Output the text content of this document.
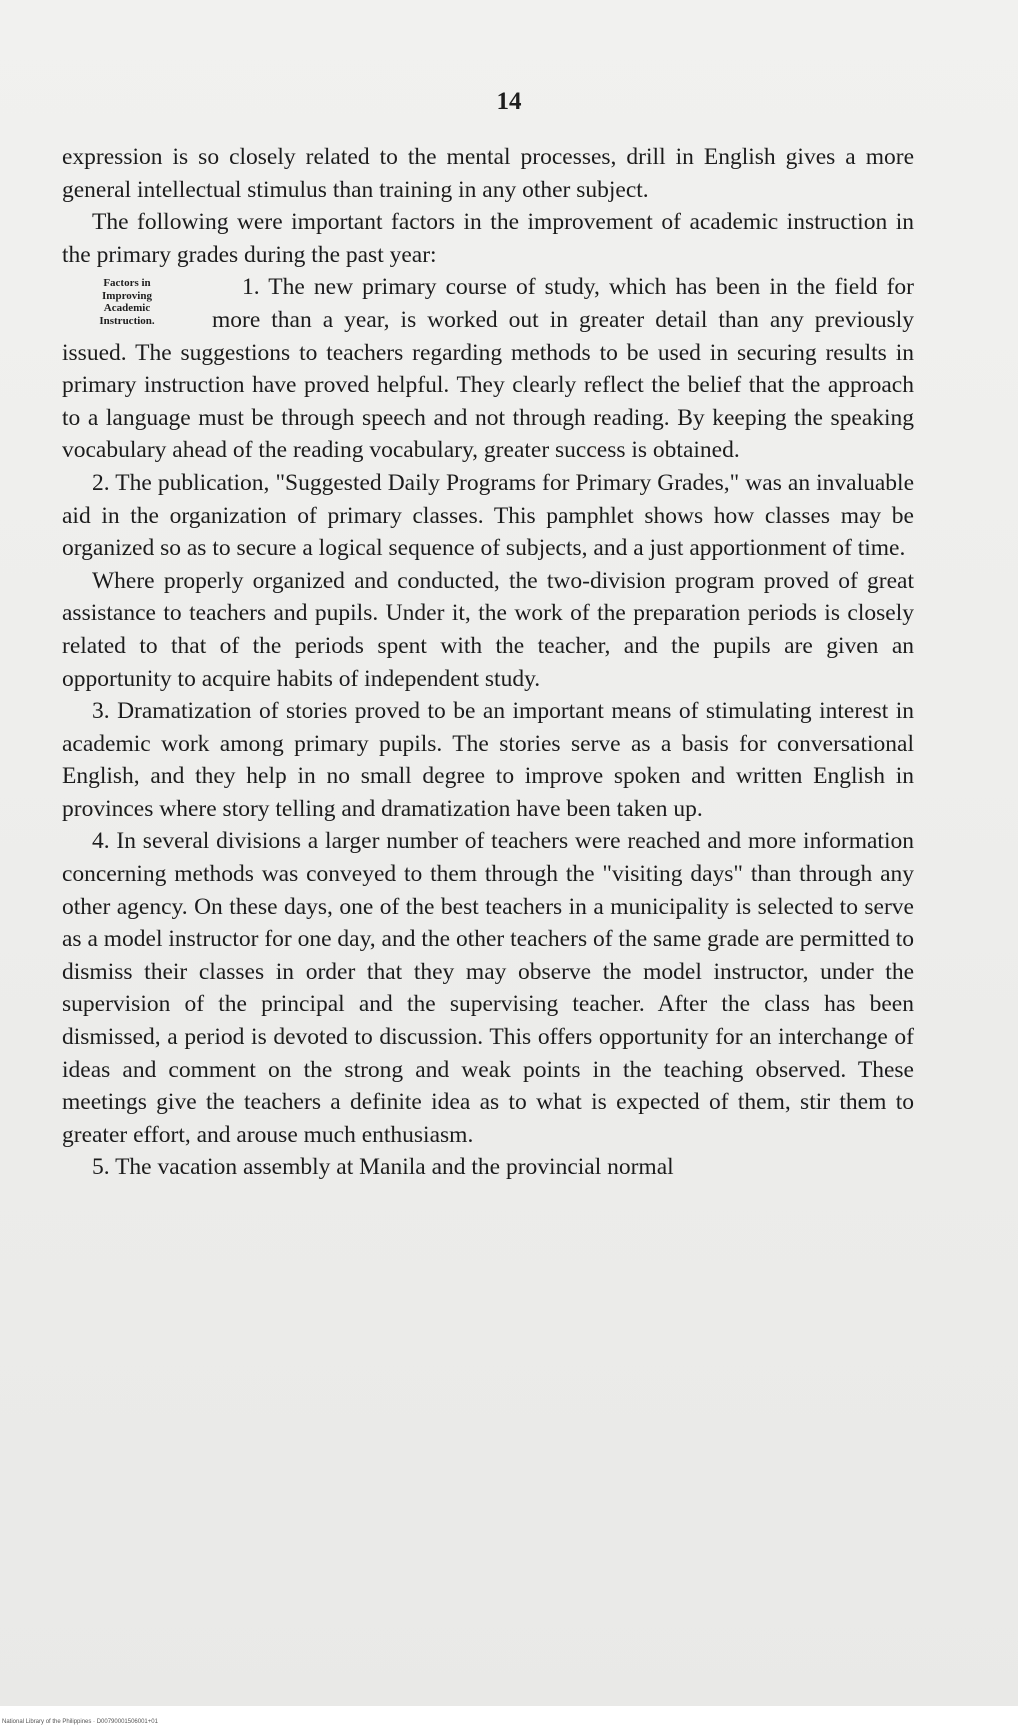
14

expression is so closely related to the mental processes, drill in English gives a more general intellectual stimulus than training in any other subject.

The following were important factors in the improvement of academic instruction in the primary grades during the past year:

Factors in
Improving
Academic
Instruction.

1. The new primary course of study, which has been in the field for more than a year, is worked out in greater detail than any previously issued. The suggestions to teachers regarding methods to be used in securing results in primary instruction have proved helpful. They clearly reflect the belief that the approach to a language must be through speech and not through reading. By keeping the speaking vocabulary ahead of the reading vocabulary, greater success is obtained.

2. The publication, "Suggested Daily Programs for Primary Grades," was an invaluable aid in the organization of primary classes. This pamphlet shows how classes may be organized so as to secure a logical sequence of subjects, and a just apportionment of time.

Where properly organized and conducted, the two-division program proved of great assistance to teachers and pupils. Under it, the work of the preparation periods is closely related to that of the periods spent with the teacher, and the pupils are given an opportunity to acquire habits of independent study.

3. Dramatization of stories proved to be an important means of stimulating interest in academic work among primary pupils. The stories serve as a basis for conversational English, and they help in no small degree to improve spoken and written English in provinces where story telling and dramatization have been taken up.

4. In several divisions a larger number of teachers were reached and more information concerning methods was conveyed to them through the "visiting days" than through any other agency. On these days, one of the best teachers in a municipality is selected to serve as a model instructor for one day, and the other teachers of the same grade are permitted to dismiss their classes in order that they may observe the model instructor, under the supervision of the principal and the supervising teacher. After the class has been dismissed, a period is devoted to discussion. This offers opportunity for an interchange of ideas and comment on the strong and weak points in the teaching observed. These meetings give the teachers a definite idea as to what is expected of them, stir them to greater effort, and arouse much enthusiasm.

5. The vacation assembly at Manila and the provincial normal

National Library of the Philippines · D00790001506001+01
